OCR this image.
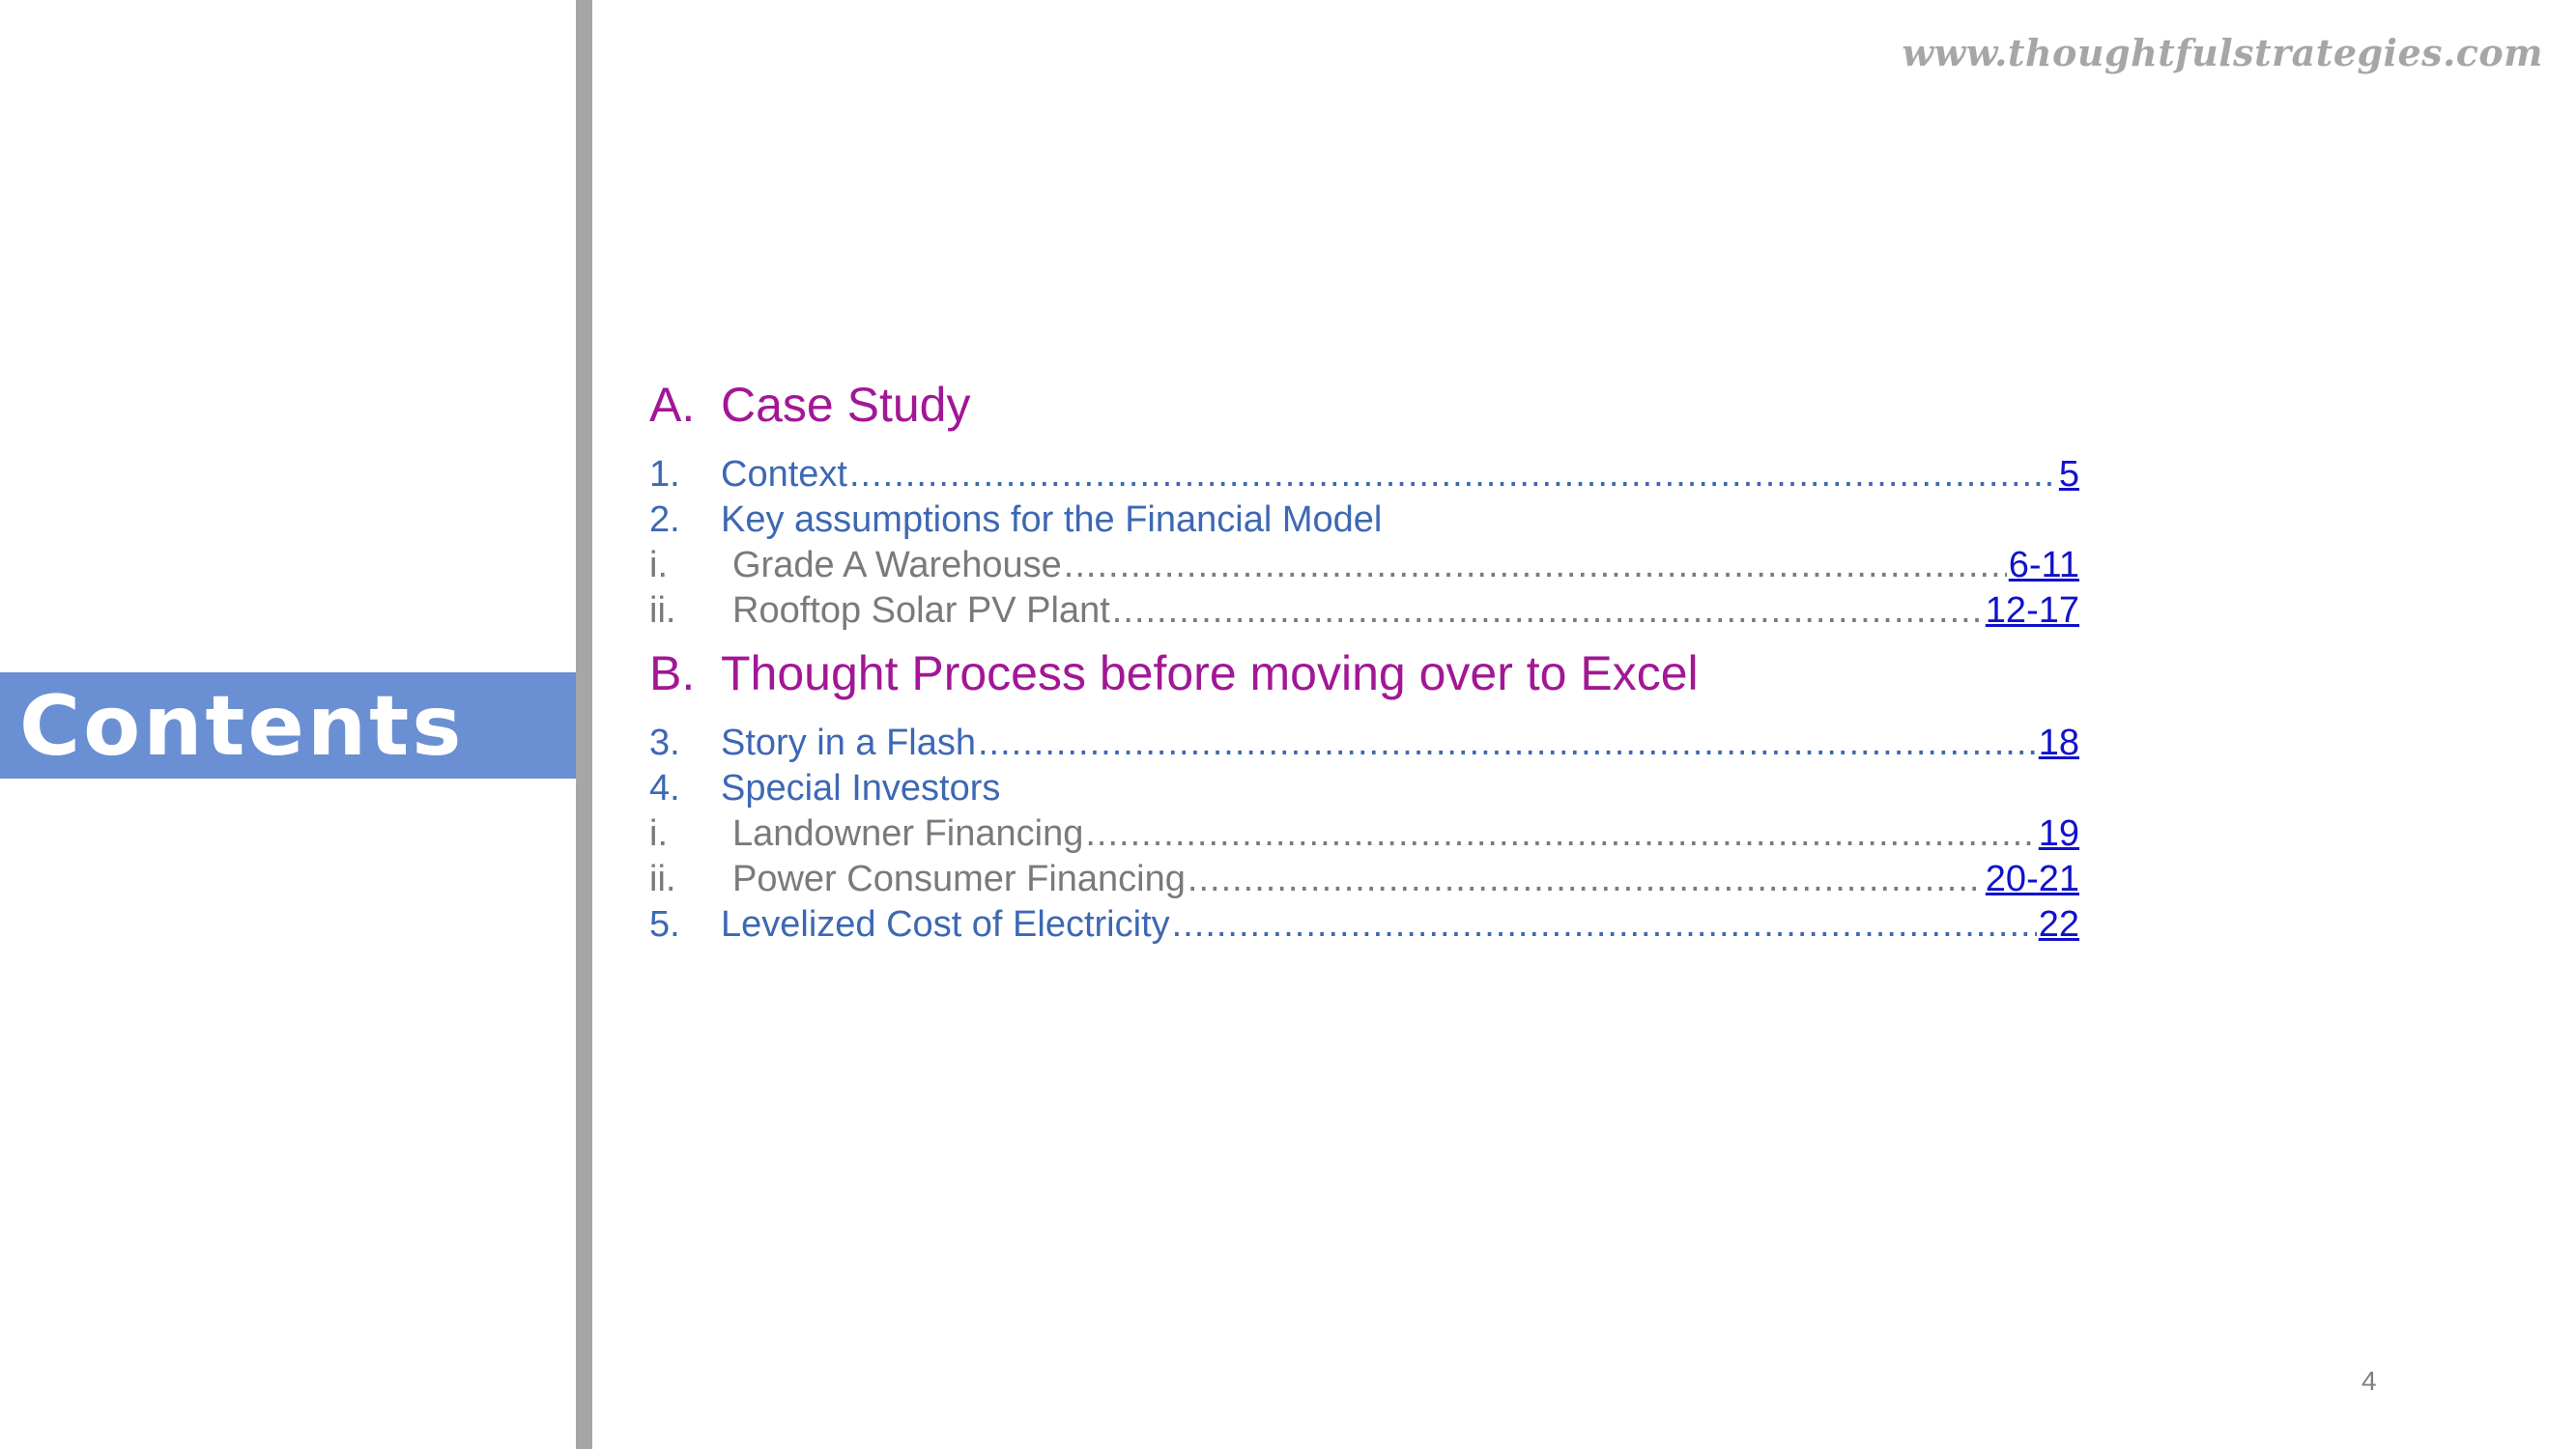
www.thoughtfulstrategies.com
Contents
A. Case Study
1.	Context .....	5
2.	Key assumptions for the Financial Model
i.	Grade A Warehouse .....	6-11
ii.	Rooftop Solar PV Plant .....	12-17
B. Thought Process before moving over to Excel
3.	Story in a Flash .....	18
4.	Special Investors
i.	Landowner Financing .....	19
ii.	Power Consumer Financing .....	20-21
5.	Levelized Cost of Electricity .....	22
4
